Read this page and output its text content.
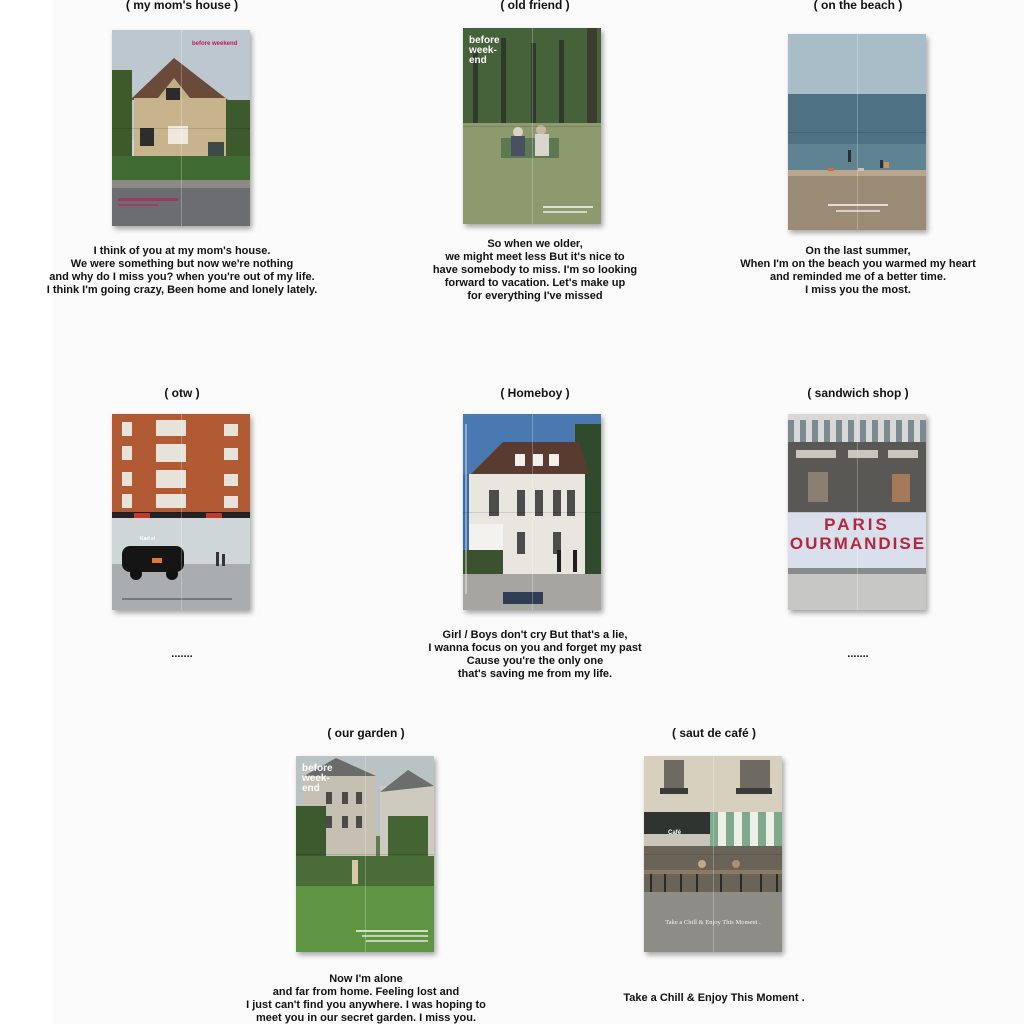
( my mom's house )
before weekend
I think of you at my mom's house.
We were something but now we're nothing
and why do I miss you? when you're out of my life.
I think I'm going crazy, Been home and lonely lately.
( old friend )
before
week-
end
So when we older,
we might meet less But it's nice to
have somebody to miss. I'm so looking
forward to vacation. Let's make up
for everything I've missed
( on the beach )
On the last summer,
When I'm on the beach you warmed my heart
and reminded me of a better time.
I miss you the most.
( otw )
Karl el
.......
( Homeboy )
Girl / Boys don't cry But that's a lie,
I wanna focus on you and forget my past
Cause you're the only one
that's saving me from my life.
( sandwich shop )
PARIS
OURMANDISE
.......
( our garden )
before
week-
end
Now I'm alone
and far from home. Feeling lost and
I just can't find you anywhere. I was hoping to
meet you in our secret garden. I miss you.
( saut de café )
Café
Take a Chill & Enjoy This Moment .
Take a Chill & Enjoy This Moment .
